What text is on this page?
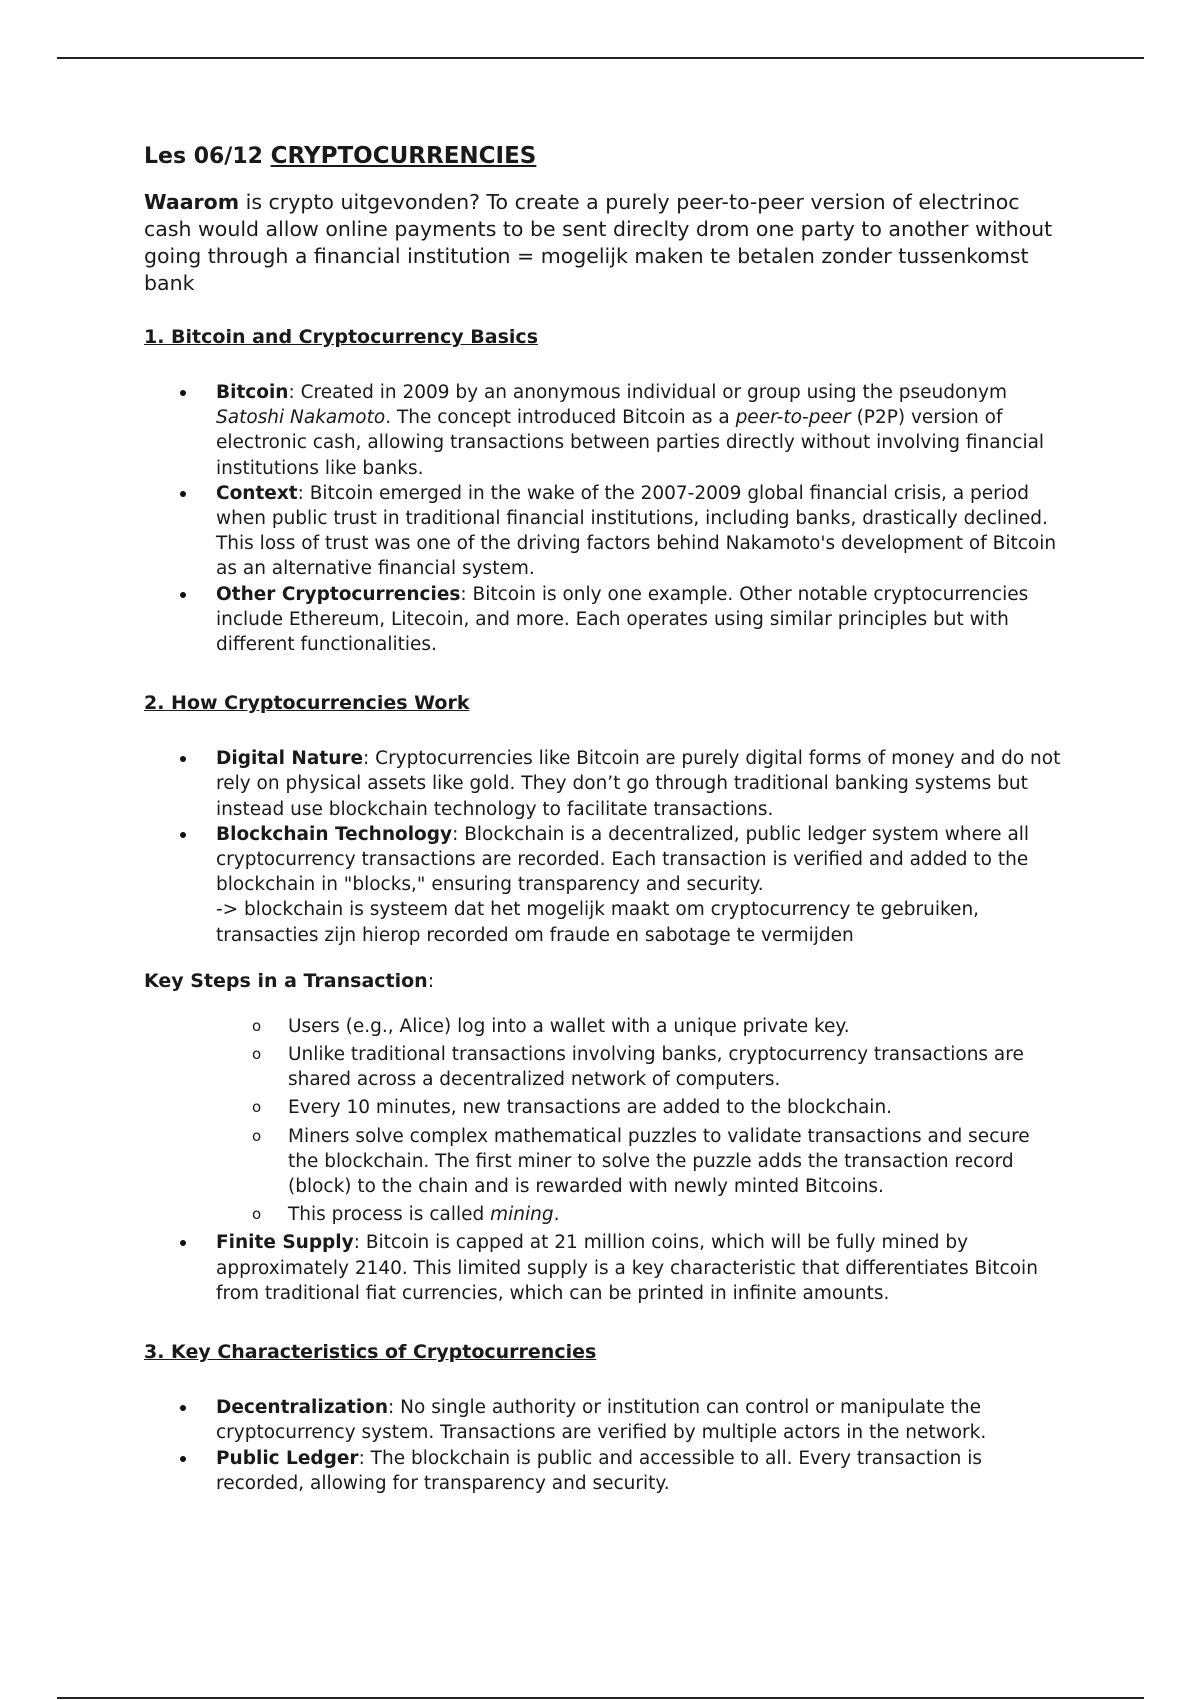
Les 06/12 CRYPTOCURRENCIES

Waarom is crypto uitgevonden? To create a purely peer-to-peer version of electrinoc cash would allow online payments to be sent direclty drom one party to another without going through a financial institution = mogelijk maken te betalen zonder tussenkomst bank

1. Bitcoin and Cryptocurrency Basics
Bitcoin: Created in 2009 by an anonymous individual or group using the pseudonym Satoshi Nakamoto. The concept introduced Bitcoin as a peer-to-peer (P2P) version of electronic cash, allowing transactions between parties directly without involving financial institutions like banks.
Context: Bitcoin emerged in the wake of the 2007-2009 global financial crisis, a period when public trust in traditional financial institutions, including banks, drastically declined. This loss of trust was one of the driving factors behind Nakamoto's development of Bitcoin as an alternative financial system.
Other Cryptocurrencies: Bitcoin is only one example. Other notable cryptocurrencies include Ethereum, Litecoin, and more. Each operates using similar principles but with different functionalities.
2. How Cryptocurrencies Work
Digital Nature: Cryptocurrencies like Bitcoin are purely digital forms of money and do not rely on physical assets like gold. They don’t go through traditional banking systems but instead use blockchain technology to facilitate transactions.
Blockchain Technology: Blockchain is a decentralized, public ledger system where all cryptocurrency transactions are recorded. Each transaction is verified and added to the blockchain in "blocks," ensuring transparency and security.
-> blockchain is systeem dat het mogelijk maakt om cryptocurrency te gebruiken, transacties zijn hierop recorded om fraude en sabotage te vermijden

Key Steps in a Transaction:

o Users (e.g., Alice) log into a wallet with a unique private key.
o Unlike traditional transactions involving banks, cryptocurrency transactions are shared across a decentralized network of computers.
o Every 10 minutes, new transactions are added to the blockchain.
o Miners solve complex mathematical puzzles to validate transactions and secure the blockchain. The first miner to solve the puzzle adds the transaction record (block) to the chain and is rewarded with newly minted Bitcoins.
o This process is called mining.
Finite Supply: Bitcoin is capped at 21 million coins, which will be fully mined by approximately 2140. This limited supply is a key characteristic that differentiates Bitcoin from traditional fiat currencies, which can be printed in infinite amounts.
3. Key Characteristics of Cryptocurrencies
Decentralization: No single authority or institution can control or manipulate the cryptocurrency system. Transactions are verified by multiple actors in the network.
Public Ledger: The blockchain is public and accessible to all. Every transaction is recorded, allowing for transparency and security.
